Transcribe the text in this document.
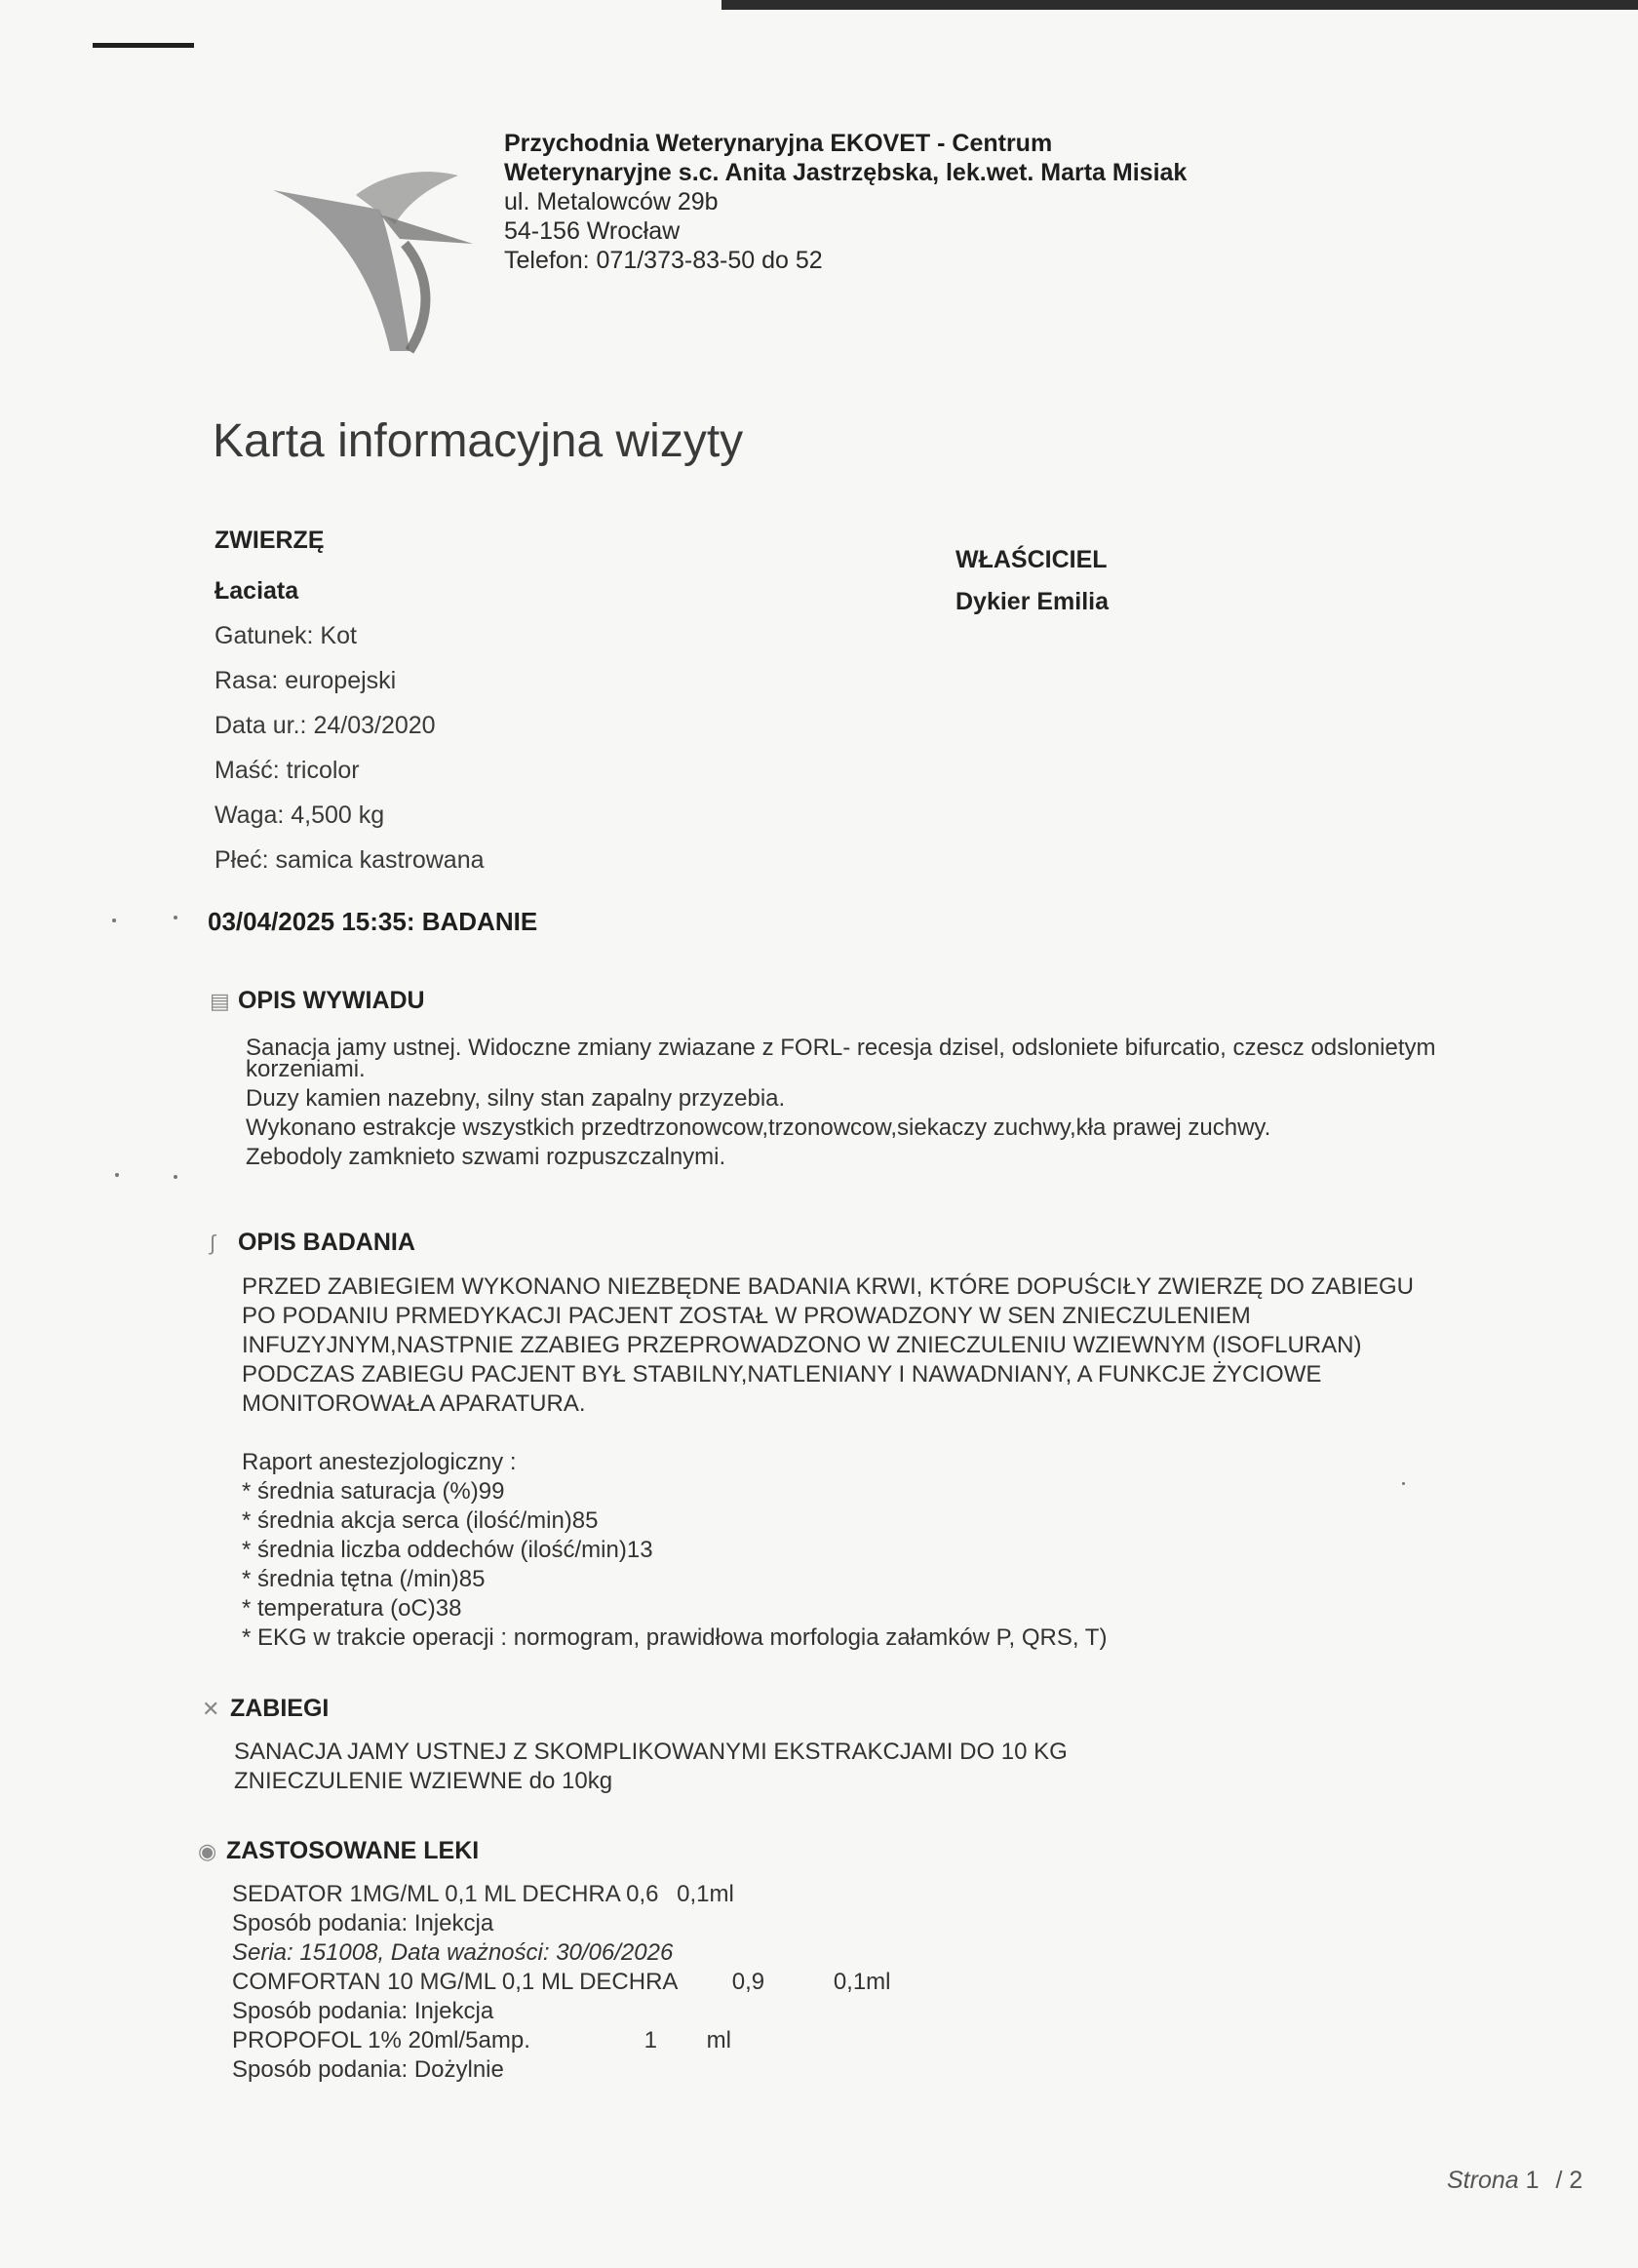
Przychodnia Weterynaryjna EKOVET - Centrum
Weterynaryjne s.c. Anita Jastrzębska, lek.wet. Marta Misiak
ul. Metalowców 29b
54-156 Wrocław
Telefon: 071/373-83-50 do 52
Karta informacyjna wizyty
ZWIERZĘ
Łaciata
Gatunek: Kot
Rasa: europejski
Data ur.: 24/03/2020
Maść: tricolor
Waga: 4,500 kg
Płeć: samica kastrowana
WŁAŚCICIEL
Dykier Emilia
03/04/2025 15:35: BADANIE
▤ OPIS WYWIADU
Sanacja jamy ustnej. Widoczne zmiany zwiazane z FORL- recesja dzisel, odsloniete bifurcatio, czescz odslonietym
korzeniami.
Duzy kamien nazebny, silny stan zapalny przyzebia.
Wykonano estrakcje wszystkich przedtrzonowcow,trzonowcow,siekaczy zuchwy,kła prawej zuchwy.
Zebodoly zamknieto szwami rozpuszczalnymi.
∫ OPIS BADANIA
PRZED ZABIEGIEM WYKONANO NIEZBĘDNE BADANIA KRWI, KTÓRE DOPUŚCIŁY ZWIERZĘ DO ZABIEGU
PO PODANIU PRMEDYKACJI PACJENT ZOSTAŁ W PROWADZONY W SEN ZNIECZULENIEM
INFUZYJNYM,NASTPNIE ZZABIEG PRZEPROWADZONO W ZNIECZULENIU WZIEWNYM (ISOFLURAN)
PODCZAS ZABIEGU PACJENT BYŁ STABILNY,NATLENIANY I NAWADNIANY, A FUNKCJE ŻYCIOWE
MONITOROWAŁA APARATURA.
Raport anestezjologiczny :
* średnia saturacja (%)99
* średnia akcja serca (ilość/min)85
* średnia liczba oddechów (ilość/min)13
* średnia tętna (/min)85
* temperatura (oC)38
* EKG w trakcie operacji : normogram, prawidłowa morfologia załamków P, QRS, T)
✕ ZABIEGI
SANACJA JAMY USTNEJ Z SKOMPLIKOWANYMI EKSTRAKCJAMI DO 10 KG
ZNIECZULENIE WZIEWNE do 10kg
◉ ZASTOSOWANE LEKI
SEDATOR 1MG/ML 0,1 ML DECHRA 0,6 0,1ml
Sposób podania: Injekcja
Seria: 151008, Data ważności: 30/06/2026
COMFORTAN 10 MG/ML 0,1 ML DECHRA 0,9	0,1ml
Sposób podania: Injekcja
PROPOFOL 1% 20ml/5amp.	1 ml
Sposób podania: Dożylnie
Strona 1 / 2
